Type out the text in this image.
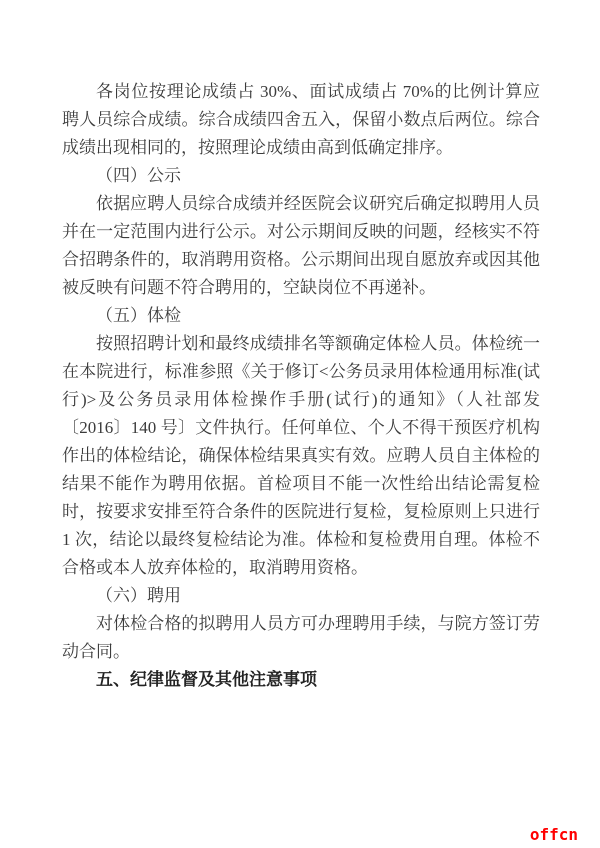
各岗位按理论成绩占 30%、面试成绩占 70%的比例计算应聘人员综合成绩。综合成绩四舍五入，保留小数点后两位。综合成绩出现相同的，按照理论成绩由高到低确定排序。
（四）公示
依据应聘人员综合成绩并经医院会议研究后确定拟聘用人员并在一定范围内进行公示。对公示期间反映的问题，经核实不符合招聘条件的，取消聘用资格。公示期间出现自愿放弃或因其他被反映有问题不符合聘用的，空缺岗位不再递补。
（五）体检
按照招聘计划和最终成绩排名等额确定体检人员。体检统一在本院进行，标准参照《关于修订<公务员录用体检通用标准(试行)>及公务员录用体检操作手册(试行)的通知》（人社部发〔2016〕140 号〕文件执行。任何单位、个人不得干预医疗机构作出的体检结论，确保体检结果真实有效。应聘人员自主体检的结果不能作为聘用依据。首检项目不能一次性给出结论需复检时，按要求安排至符合条件的医院进行复检，复检原则上只进行 1 次，结论以最终复检结论为准。体检和复检费用自理。体检不合格或本人放弃体检的，取消聘用资格。
（六）聘用
对体检合格的拟聘用人员方可办理聘用手续，与院方签订劳动合同。
五、纪律监督及其他注意事项
offcn
